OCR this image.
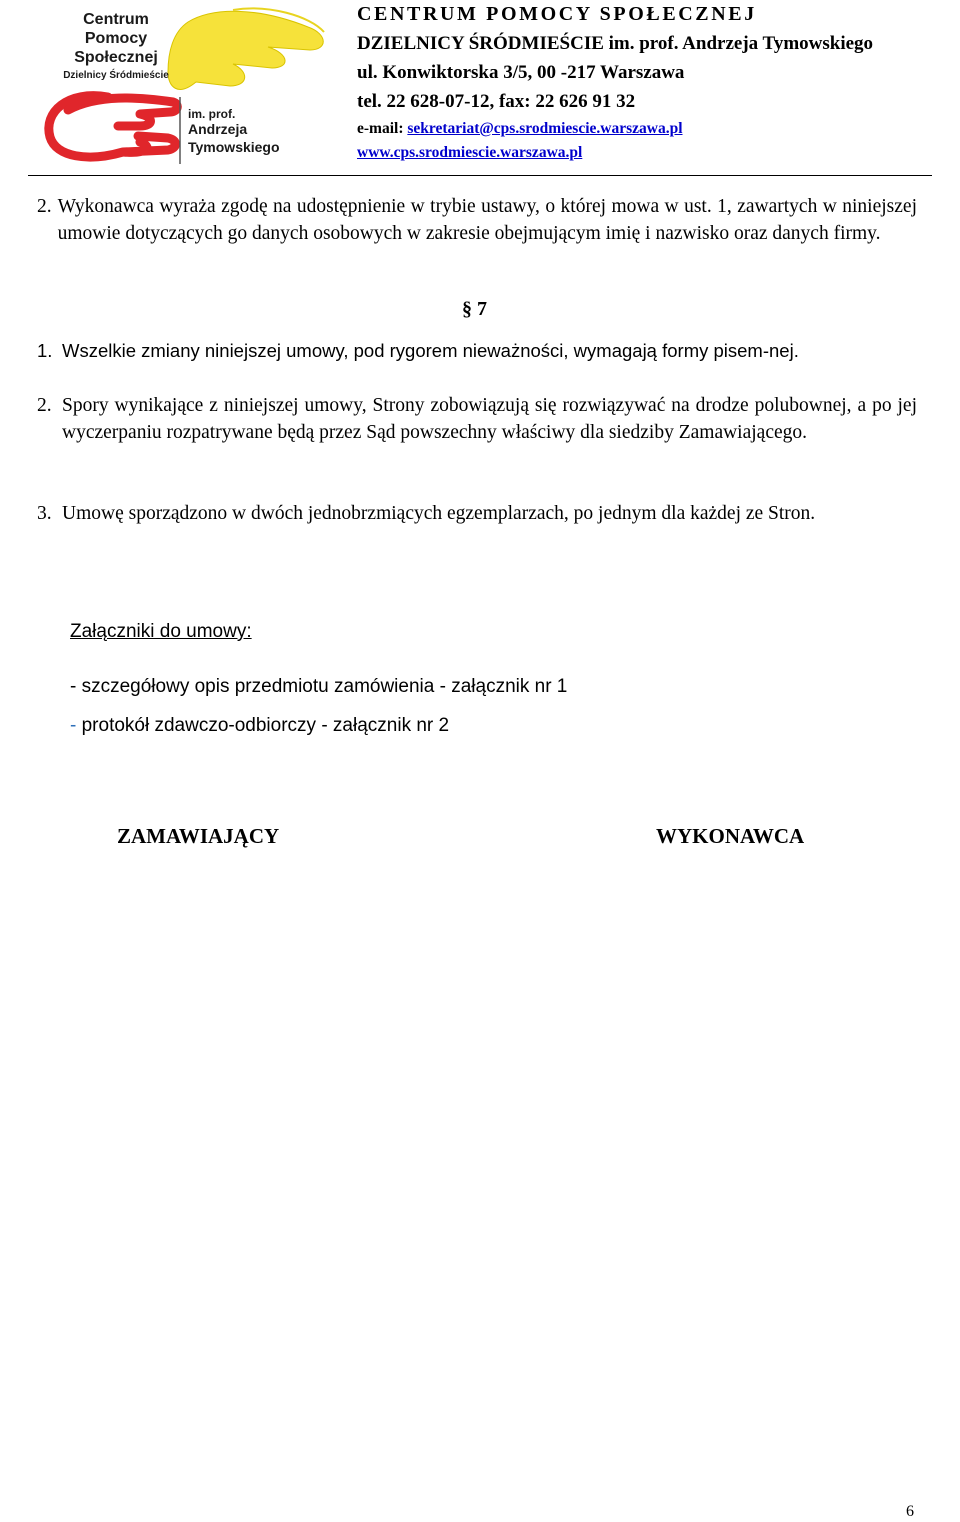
Centrum
Pomocy
Społecznej
Dzielnicy Śródmieście
im. prof.
Andrzeja
Tymowskiego
CENTRUM POMOCY SPOŁECZNEJ
DZIELNICY ŚRÓDMIEŚCIE im. prof. Andrzeja Tymowskiego
ul. Konwiktorska 3/5, 00 -217 Warszawa
tel. 22 628-07-12, fax: 22 626 91 32
e-mail: sekretariat@cps.srodmiescie.warszawa.pl
www.cps.srodmiescie.warszawa.pl
2. Wykonawca wyraża zgodę na udostępnienie w trybie ustawy, o której mowa w ust. 1, zawartych w niniejszej umowie dotyczących go danych osobowych w zakresie obejmującym imię i nazwisko oraz danych firmy.
§ 7
1. Wszelkie zmiany niniejszej umowy, pod rygorem nieważności, wymagają formy pisem-nej.
2. Spory wynikające z niniejszej umowy, Strony zobowiązują się rozwiązywać na drodze polubownej, a po jej wyczerpaniu rozpatrywane będą przez Sąd powszechny właściwy dla siedziby Zamawiającego.
3. Umowę sporządzono w dwóch jednobrzmiących egzemplarzach, po jednym dla każdej ze Stron.
Załączniki do umowy:
- szczegółowy opis przedmiotu zamówienia - załącznik nr 1
- protokół zdawczo-odbiorczy - załącznik nr 2
ZAMAWIAJĄCY	WYKONAWCA
6
